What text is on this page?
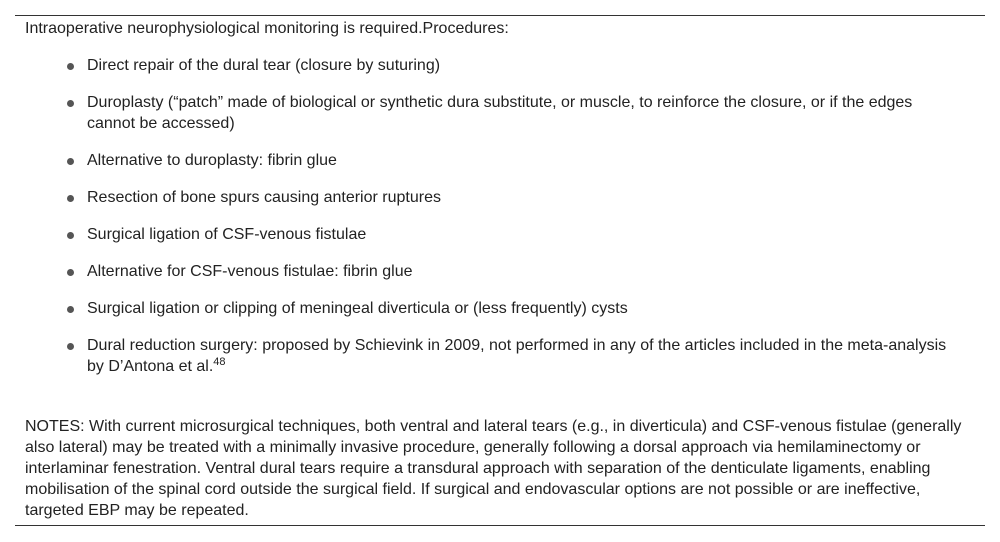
Intraoperative neurophysiological monitoring is required.Procedures:
Direct repair of the dural tear (closure by suturing)
Duroplasty (“patch” made of biological or synthetic dura substitute, or muscle, to reinforce the closure, or if the edges cannot be accessed)
Alternative to duroplasty: fibrin glue
Resection of bone spurs causing anterior ruptures
Surgical ligation of CSF-venous fistulae
Alternative for CSF-venous fistulae: fibrin glue
Surgical ligation or clipping of meningeal diverticula or (less frequently) cysts
Dural reduction surgery: proposed by Schievink in 2009, not performed in any of the articles included in the meta-analysis by D’Antona et al.$^{48}$
NOTES: With current microsurgical techniques, both ventral and lateral tears (e.g., in diverticula) and CSF-venous fistulae (generally also lateral) may be treated with a minimally invasive procedure, generally following a dorsal approach via hemilaminectomy or interlaminar fenestration. Ventral dural tears require a transdural approach with separation of the denticulate ligaments, enabling mobilisation of the spinal cord outside the surgical field. If surgical and endovascular options are not possible or are ineffective, targeted EBP may be repeated.
